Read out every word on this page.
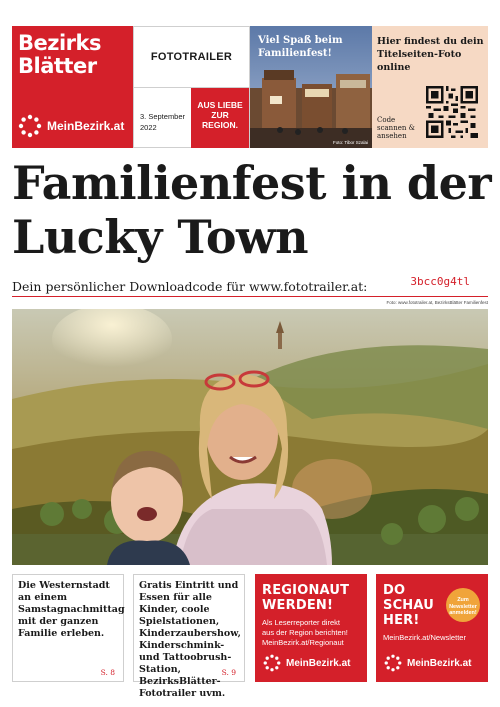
Bezirks
Blätter
MeinBezirk.at
FOTOTRAILER
3. September
2022
AUS LIEBE
ZUR
REGION.
Viel Spaß beim Familienfest!
Foto: Tibor Szalai
Hier findest du dein Titelseiten-Foto online
Code scannen & ansehen
Familienfest in der
Lucky Town
Dein persönlicher Downloadcode für www.fototrailer.at:	3bcc0g4tl
Foto: www.fototrailer.at, BezirksBlätter Familienfest
Die Westernstadt an einem Samstagnachmittag mit der ganzen Familie erleben.
S. 8
Gratis Eintritt und Essen für alle Kinder, coole Spielstationen, Kinderzaubershow, Kinderschmink- und Tattoobrush-Station, BezirksBlätter-Fototrailer uvm.
S. 9
REGIONAUT
WERDEN!
Als Leserreporter direkt
aus der Region berichten!
MeinBezirk.at/Regionaut
MeinBezirk.at
DO
SCHAU
HER!
MeinBezirk.at/Newsletter
Zum Newsletter anmelden!
MeinBezirk.at
